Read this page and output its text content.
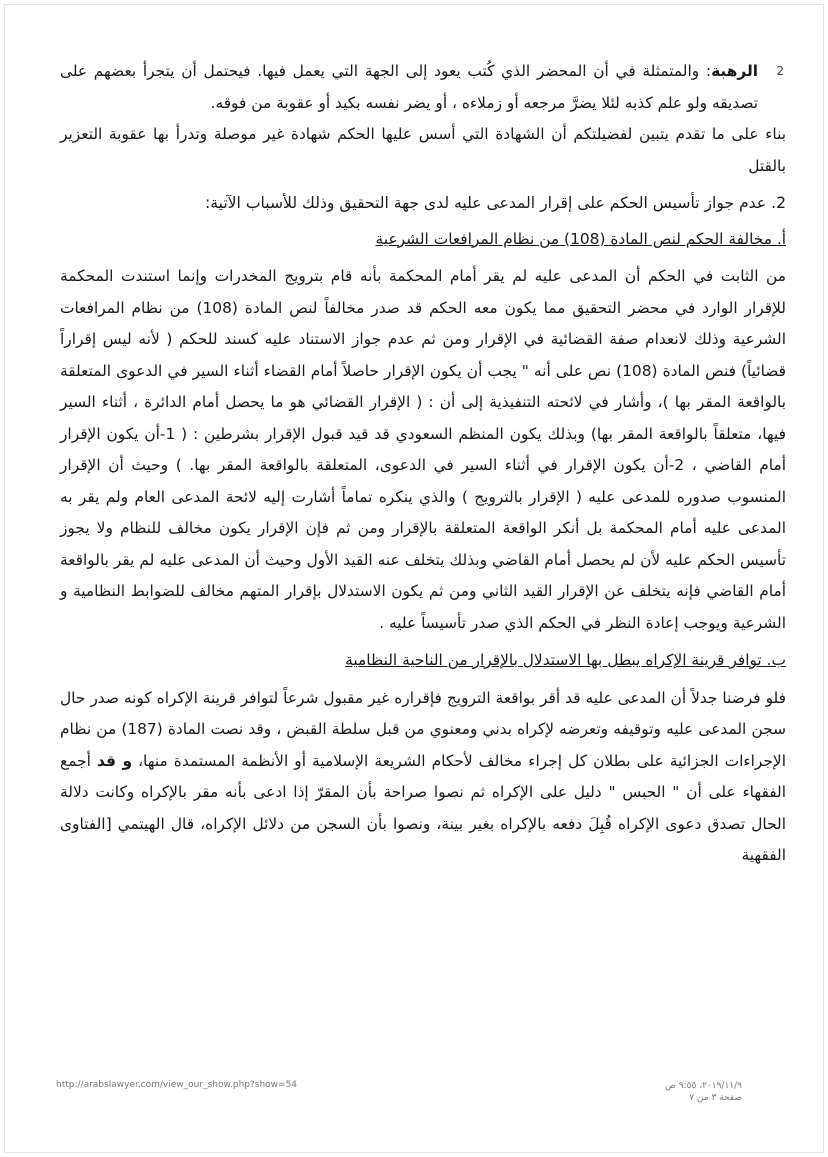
2
الرهبة: والمتمثلة في أن المحضر الذي كُتب يعود إلى الجهة التي يعمل فيها. فيحتمل أن يتجرأ بعضهم على تصديقه ولو علم كذبه لئلا يضرَّ مرجعه أو زملاءه ، أو يضر نفسه بكيد أو عقوبة من فوقه.

بناء على ما تقدم يتبين لفضيلتكم أن الشهادة التي أسس عليها الحكم شهادة غير موصلة وتدرأ بها عقوبة التعزير بالقتل

2. عدم جواز تأسيس الحكم على إقرار المدعى عليه لدى جهة التحقيق وذلك للأسباب الآتية:

أ. مخالفة الحكم لنص المادة (108) من نظام المرافعات الشرعية

من الثابت في الحكم أن المدعى عليه لم يقر أمام المحكمة بأنه قام بترويج المخدرات وإنما استندت المحكمة للإقرار الوارد في محضر التحقيق مما يكون معه الحكم قد صدر مخالفاً لنص المادة (108) من نظام المرافعات الشرعية وذلك لانعدام صفة القضائية في الإقرار ومن ثم عدم جواز الاستناد عليه كسند للحكم ( لأنه ليس إقراراً قضائياً) فنص المادة (108) نص على أنه " يجب أن يكون الإقرار حاصلاً أمام القضاء أثناء السير في الدعوى المتعلقة بالواقعة المقر بها )، وأشار في لائحته التنفيذية إلى أن : ( الإقرار القضائي هو ما يحصل أمام الدائرة ، أثناء السير فيها، متعلقاً بالواقعة المقر بها) وبذلك يكون المنظم السعودي قد قيد قبول الإقرار بشرطين : ( 1-أن يكون الإقرار أمام القاضي ، 2-أن يكون الإقرار في أثناء السير في الدعوى، المتعلقة بالواقعة المقر بها. ) وحيث أن الإقرار المنسوب صدوره للمدعى عليه ( الإقرار بالترويج ) والذي ينكره تماماً أشارت إليه لائحة المدعى العام ولم يقر به المدعى عليه أمام المحكمة بل أنكر الواقعة المتعلقة بالإقرار ومن ثم فإن الإقرار يكون مخالف للنظام ولا يجوز تأسيس الحكم عليه لأن لم يحصل أمام القاضي وبذلك يتخلف عنه القيد الأول وحيث أن المدعى عليه لم يقر بالواقعة أمام القاضي فإنه يتخلف عن الإقرار القيد الثاني ومن ثم يكون الاستدلال بإقرار المتهم مخالف للضوابط النظامية و الشرعية ويوجب إعادة النظر في الحكم الذي صدر تأسيساً عليه .

ب. توافر قرينة الإكراه يبطل بها الاستدلال بالإقرار من الناحية النظامية

فلو فرضنا جدلاً أن المدعى عليه قد أقر بواقعة الترويج فإقراره غير مقبول شرعاً لتوافر قرينة الإكراه كونه صدر حال سجن المدعى عليه وتوقيفه وتعرضه لإكراه بدني ومعنوي من قبل سلطة القبض ، وقد نصت المادة (187) من نظام الإجراءات الجزائية على بطلان كل إجراء مخالف لأحكام الشريعة الإسلامية أو الأنظمة المستمدة منها، و قد أجمع الفقهاء على أن " الحبس " دليل على الإكراه ثم نصوا صراحة بأن المقرّ إذا ادعى بأنه مقر بالإكراه وكانت دلالة الحال تصدق دعوى الإكراه قُبِلَ دفعه بالإكراه بغير بينة، ونصوا بأن السجن من دلائل الإكراه، قال الهيتمي [الفتاوى الفقهية

http://arabslawyer.com/view_our_show.php?show=54	٢٠١٩/١١/٩، ٩:٥٥ ص
صفحة ٣ من ٧
